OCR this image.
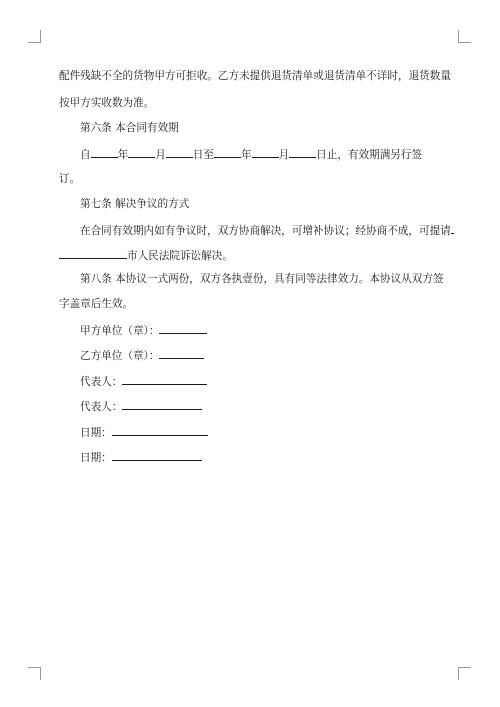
配件残缺不全的货物甲方可拒收。乙方未提供退货清单或退货清单不详时，退货数量
按甲方实收数为准。
第六条 本合同有效期
自	年	月	日至	年	月	日止，有效期满另行签
订。
第七条 解决争议的方式
在合同有效期内如有争议时，双方协商解决，可增补协议；经协商不成，可提请
市人民法院诉讼解决。
第八条 本协议一式两份，双方各执壹份，具有同等法律效力。本协议从双方签
字盖章后生效。
甲方单位（章）：
乙方单位（章）：
代表人：
代表人：
日期：
日期：
